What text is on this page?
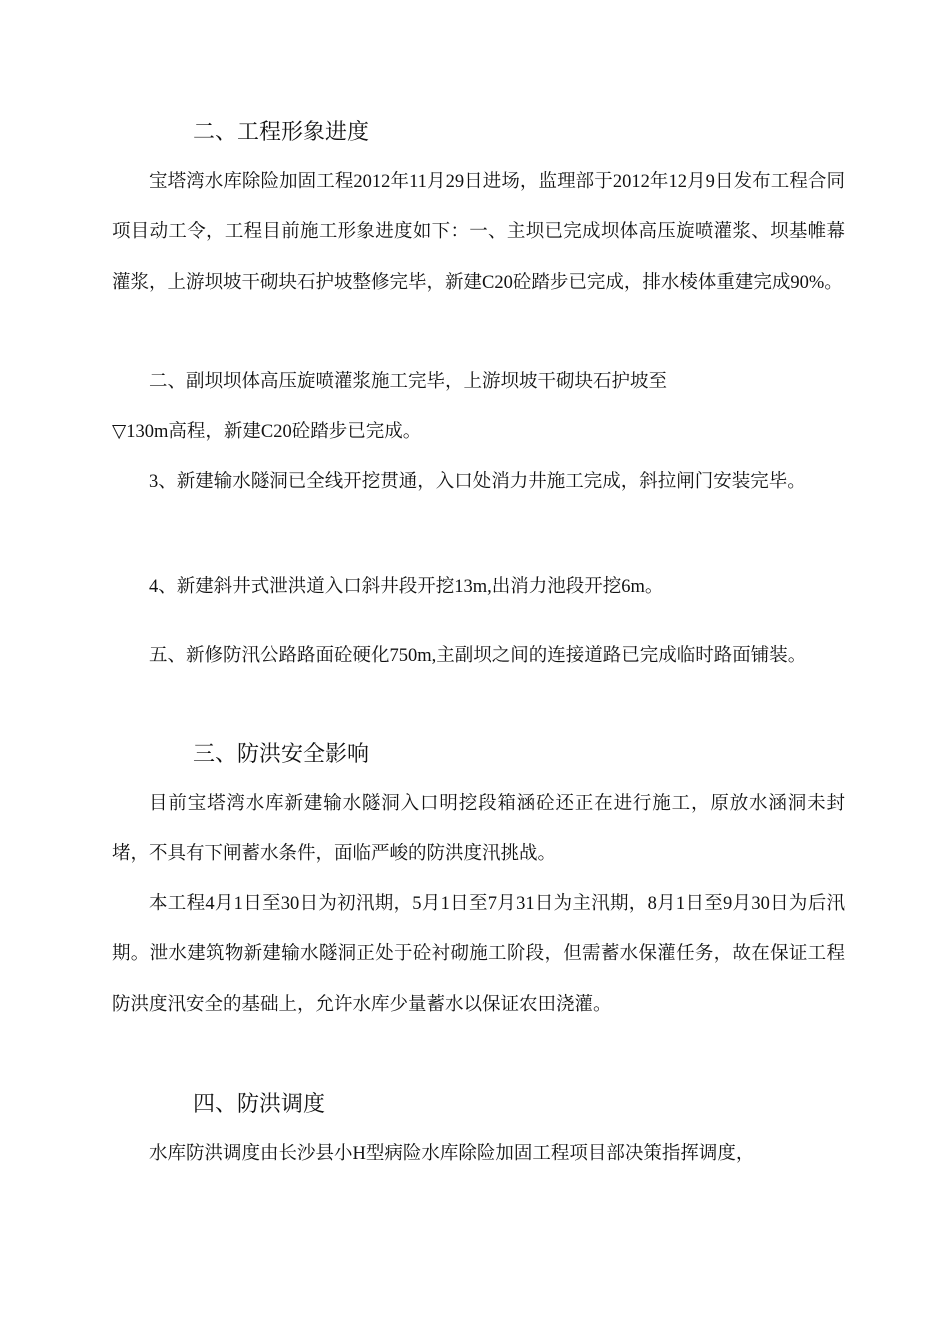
二、工程形象进度
宝塔湾水库除险加固工程2012年11月29日进场，监理部于2012年12月9日发布工程合同项目动工令，工程目前施工形象进度如下：一、主坝已完成坝体高压旋喷灌浆、坝基帷幕灌浆，上游坝坡干砌块石护坡整修完毕，新建C20砼踏步已完成，排水棱体重建完成90%。
二、副坝坝体高压旋喷灌浆施工完毕，上游坝坡干砌块石护坡至
▽130m高程，新建C20砼踏步已完成。
3、新建输水隧洞已全线开挖贯通，入口处消力井施工完成，斜拉闸门安装完毕。
4、新建斜井式泄洪道入口斜井段开挖13m,出消力池段开挖6m。
五、新修防汛公路路面砼硬化750m,主副坝之间的连接道路已完成临时路面铺装。
三、防洪安全影响
目前宝塔湾水库新建输水隧洞入口明挖段箱涵砼还正在进行施工，原放水涵洞未封堵，不具有下闸蓄水条件，面临严峻的防洪度汛挑战。
本工程4月1日至30日为初汛期，5月1日至7月31日为主汛期，8月1日至9月30日为后汛期。泄水建筑物新建输水隧洞正处于砼衬砌施工阶段，但需蓄水保灌任务，故在保证工程防洪度汛安全的基础上，允许水库少量蓄水以保证农田浇灌。
四、防洪调度
水库防洪调度由长沙县小H型病险水库除险加固工程项目部决策指挥调度，
